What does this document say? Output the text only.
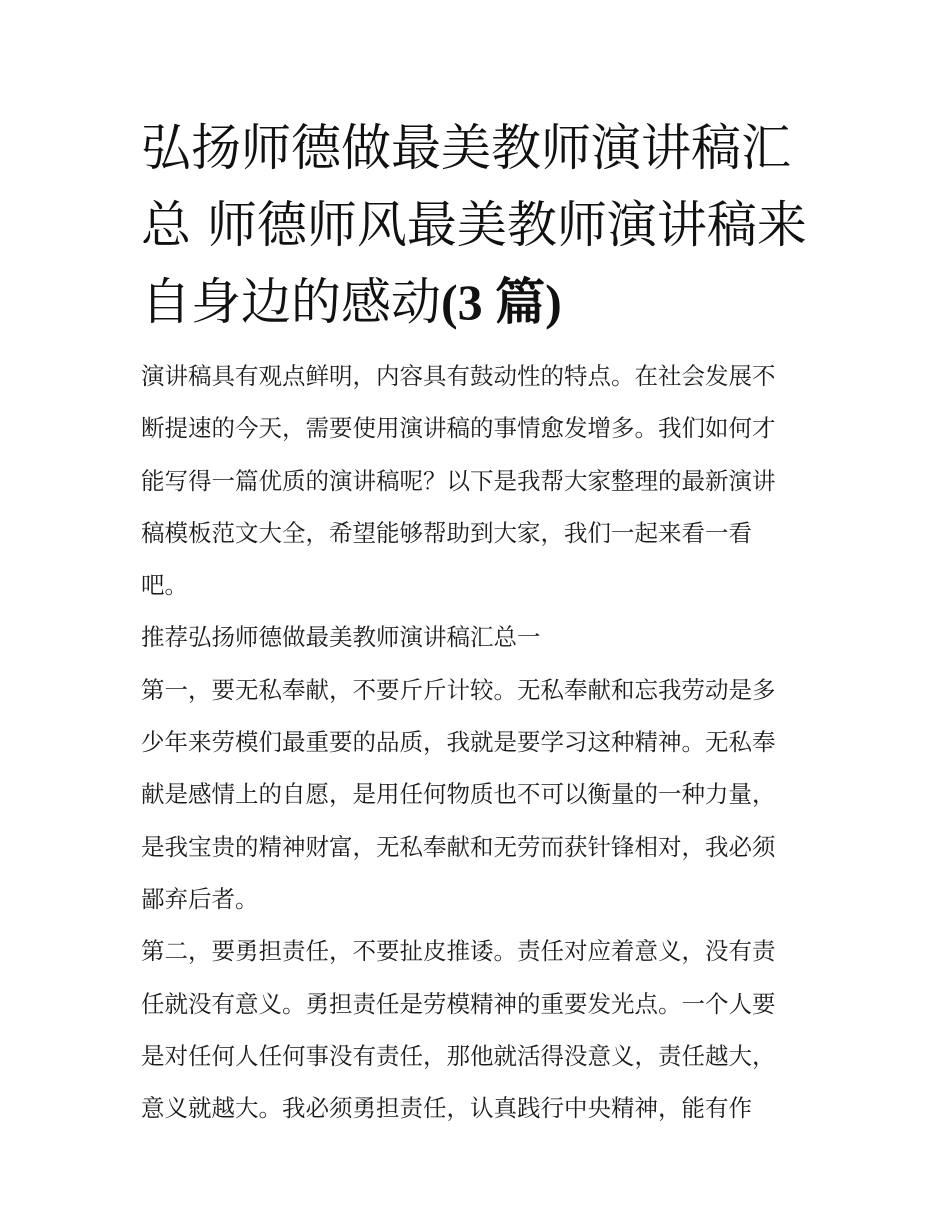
弘扬师德做最美教师演讲稿汇
总 师德师风最美教师演讲稿来
自身边的感动(3 篇)

演讲稿具有观点鲜明，内容具有鼓动性的特点。在社会发展不
断提速的今天，需要使用演讲稿的事情愈发增多。我们如何才
能写得一篇优质的演讲稿呢？以下是我帮大家整理的最新演讲
稿模板范文大全，希望能够帮助到大家，我们一起来看一看
吧。

推荐弘扬师德做最美教师演讲稿汇总一

第一，要无私奉献，不要斤斤计较。无私奉献和忘我劳动是多
少年来劳模们最重要的品质，我就是要学习这种精神。无私奉
献是感情上的自愿，是用任何物质也不可以衡量的一种力量，
是我宝贵的精神财富，无私奉献和无劳而获针锋相对，我必须
鄙弃后者。

第二，要勇担责任，不要扯皮推诿。责任对应着意义，没有责
任就没有意义。勇担责任是劳模精神的重要发光点。一个人要
是对任何人任何事没有责任，那他就活得没意义，责任越大，
意义就越大。我必须勇担责任，认真践行中央精神，能有作
